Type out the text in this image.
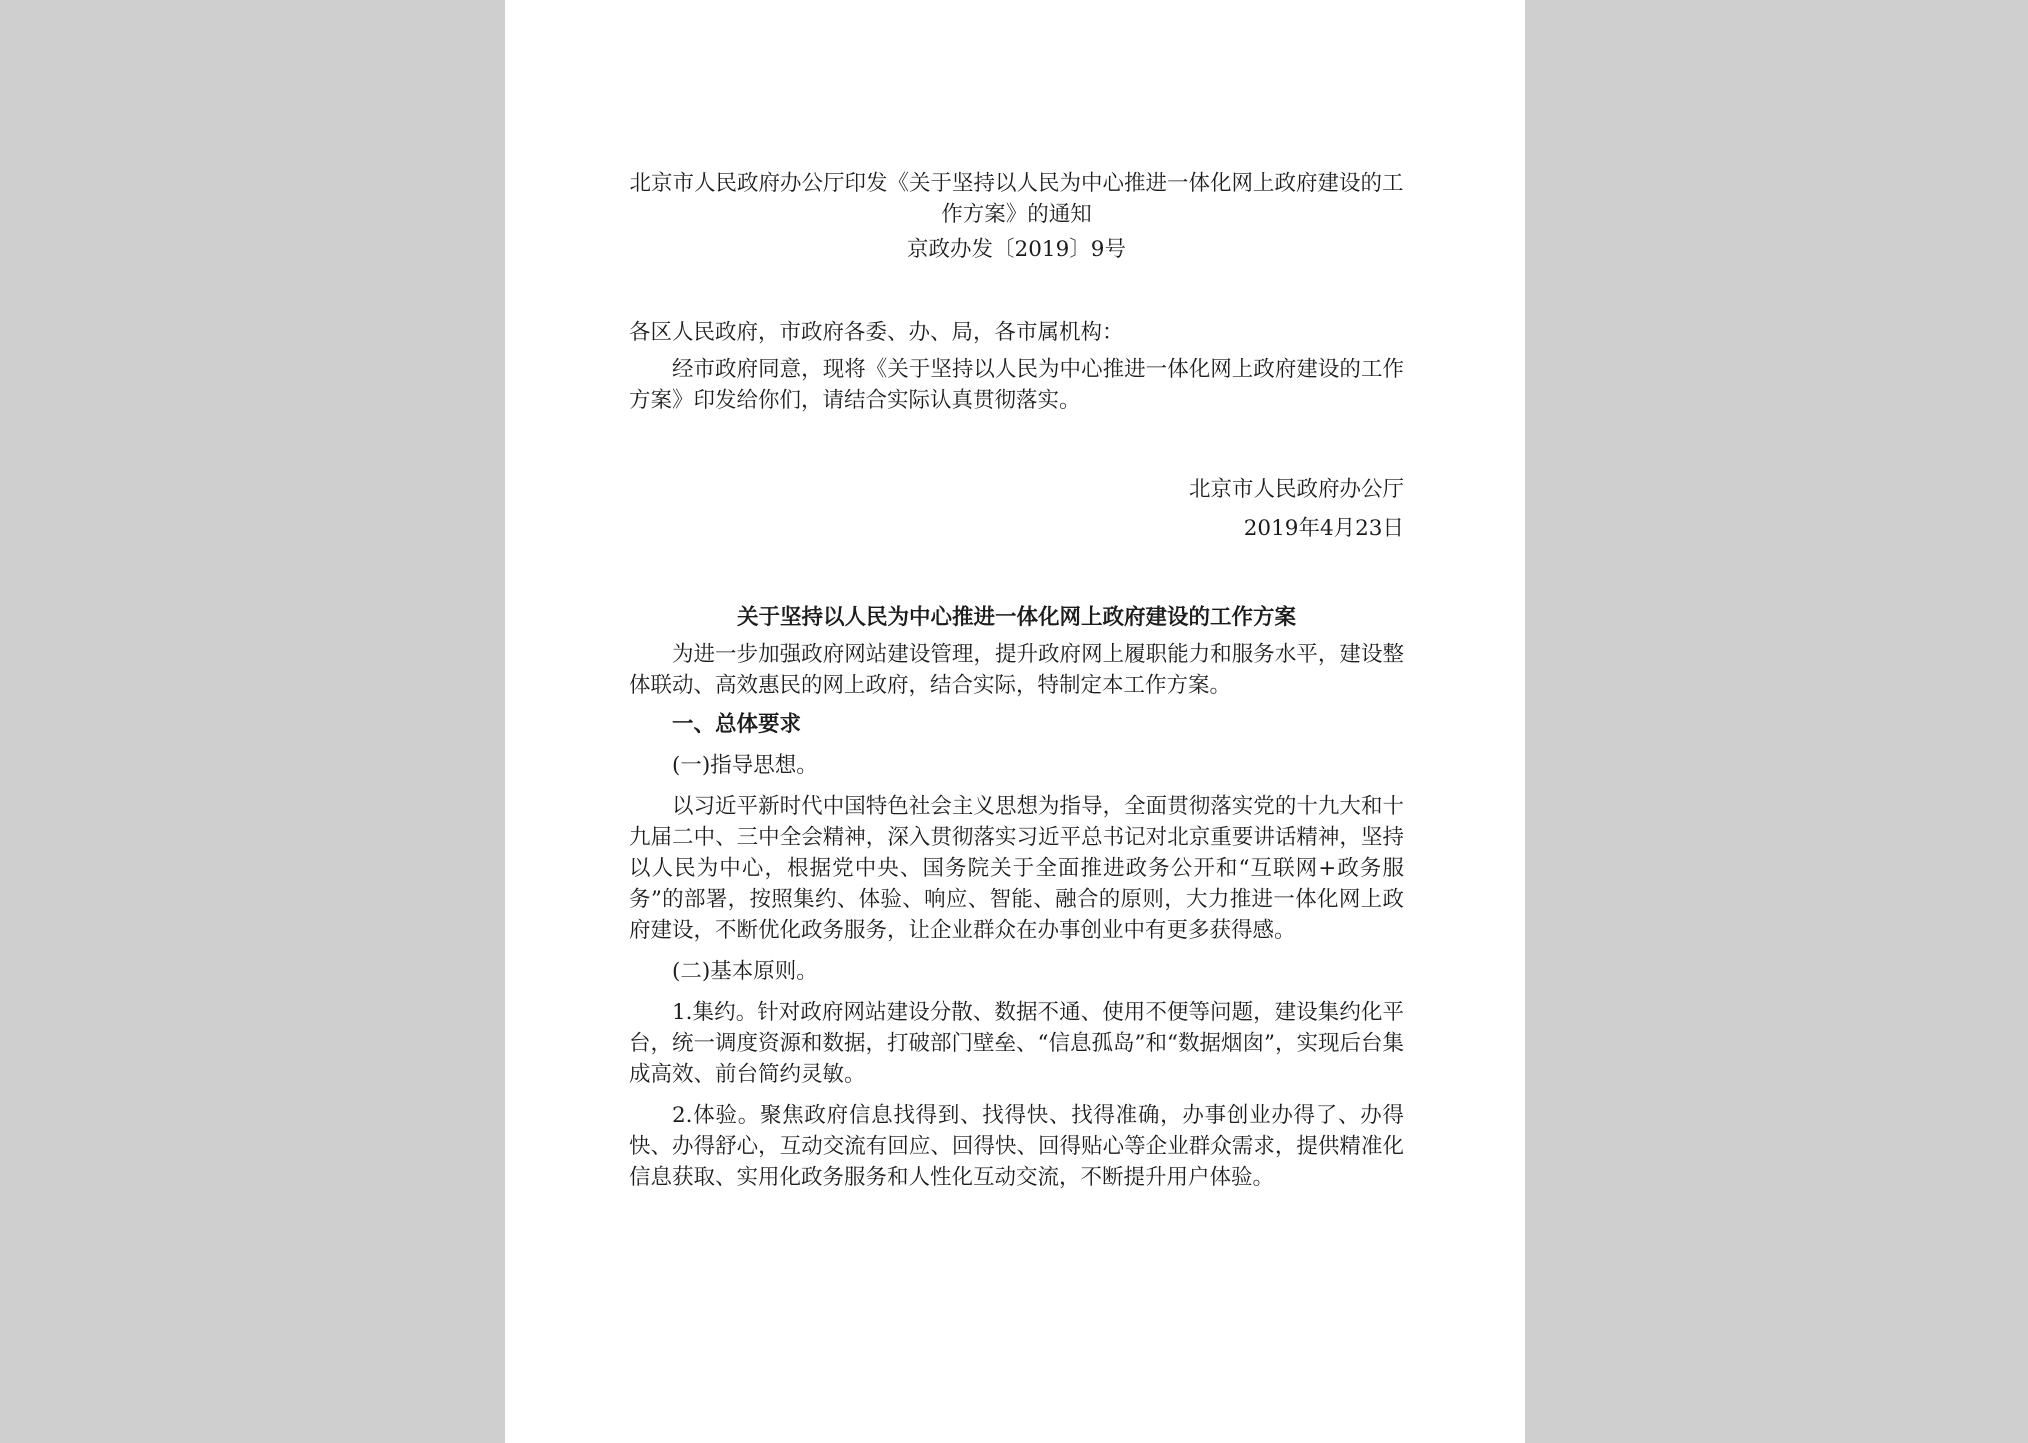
北京市人民政府办公厅印发《关于坚持以人民为中心推进一体化网上政府建设的工作方案》的通知

京政办发〔2019〕9号

各区人民政府，市政府各委、办、局，各市属机构：

经市政府同意，现将《关于坚持以人民为中心推进一体化网上政府建设的工作方案》印发给你们，请结合实际认真贯彻落实。

北京市人民政府办公厅

2019年4月23日

关于坚持以人民为中心推进一体化网上政府建设的工作方案

为进一步加强政府网站建设管理，提升政府网上履职能力和服务水平，建设整体联动、高效惠民的网上政府，结合实际，特制定本工作方案。

一、总体要求

(一)指导思想。

以习近平新时代中国特色社会主义思想为指导，全面贯彻落实党的十九大和十九届二中、三中全会精神，深入贯彻落实习近平总书记对北京重要讲话精神，坚持以人民为中心，根据党中央、国务院关于全面推进政务公开和“互联网+政务服务”的部署，按照集约、体验、响应、智能、融合的原则，大力推进一体化网上政府建设，不断优化政务服务，让企业群众在办事创业中有更多获得感。

(二)基本原则。

1.集约。针对政府网站建设分散、数据不通、使用不便等问题，建设集约化平台，统一调度资源和数据，打破部门壁垒、“信息孤岛”和“数据烟囱”，实现后台集成高效、前台简约灵敏。

2.体验。聚焦政府信息找得到、找得快、找得准确，办事创业办得了、办得快、办得舒心，互动交流有回应、回得快、回得贴心等企业群众需求，提供精准化信息获取、实用化政务服务和人性化互动交流，不断提升用户体验。
